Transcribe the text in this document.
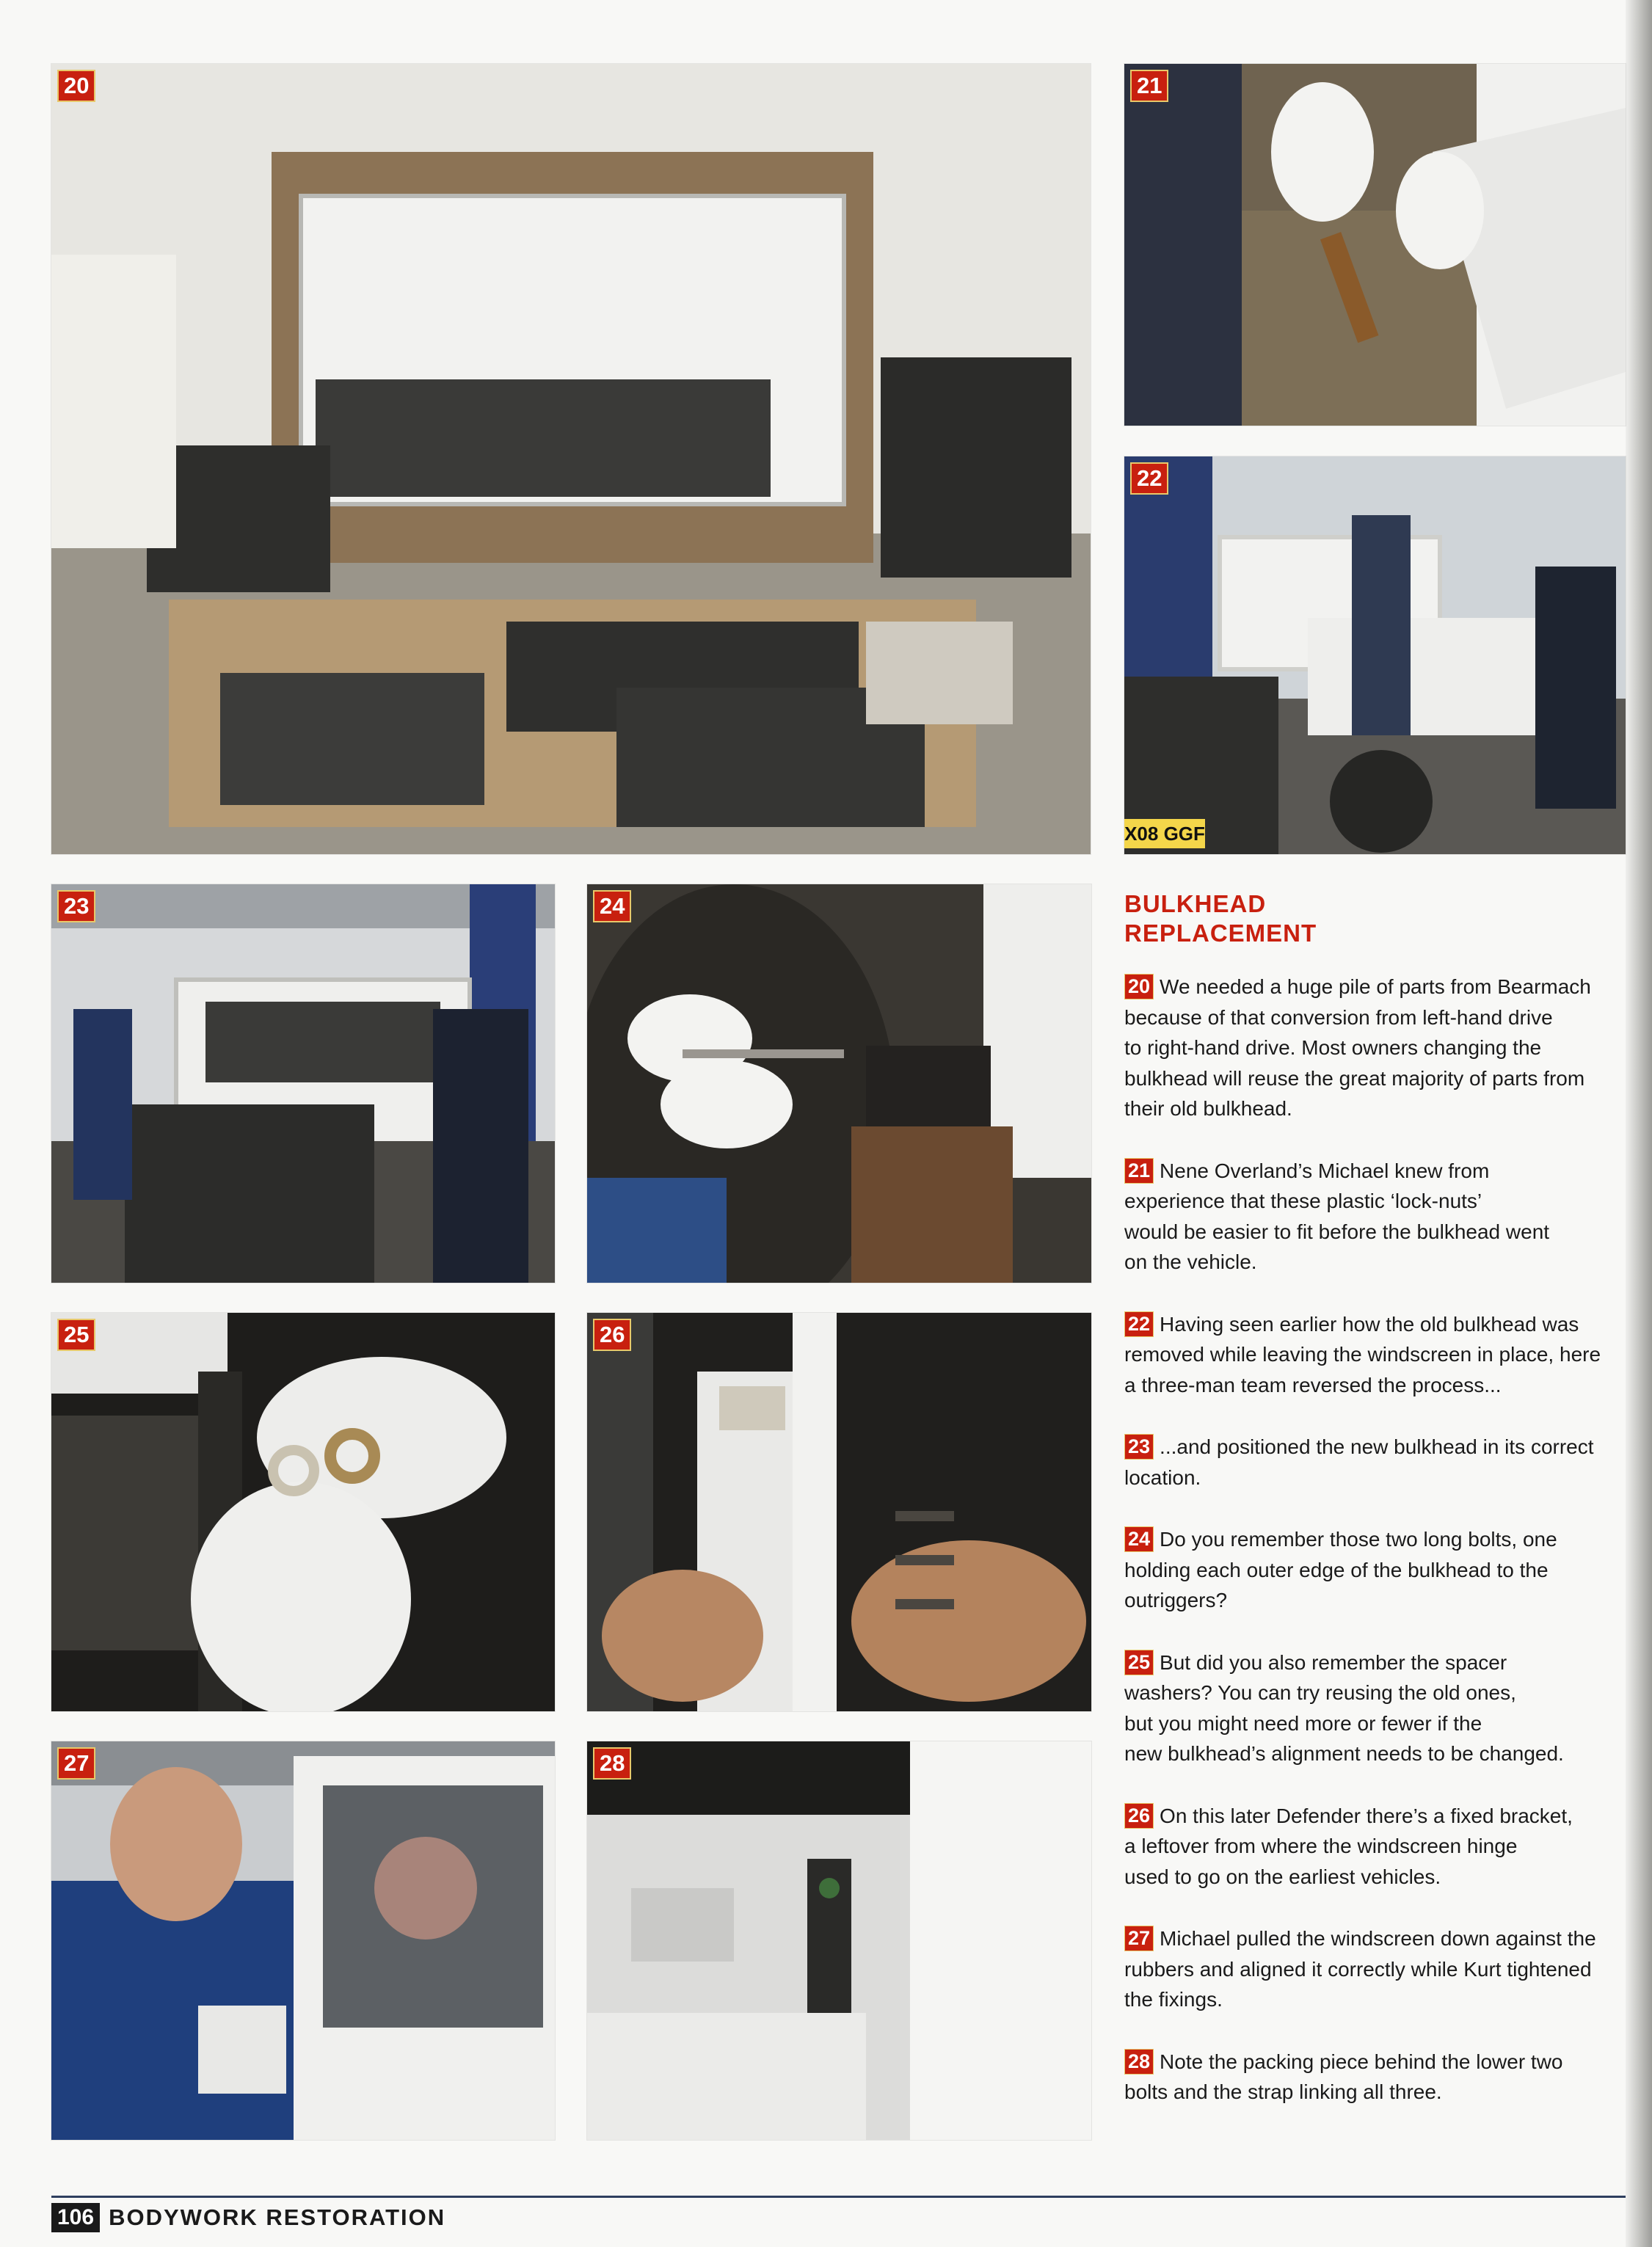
20	21
22
X08 GGF
23	24
25	26
27	28
BULKHEAD
REPLACEMENT

20 We needed a huge pile of parts from Bearmach
because of that conversion from left-hand drive
to right-hand drive. Most owners changing the
bulkhead will reuse the great majority of parts from
their old bulkhead.

21 Nene Overland’s Michael knew from
experience that these plastic ‘lock-nuts’
would be easier to fit before the bulkhead went
on the vehicle.

22 Having seen earlier how the old bulkhead was
removed while leaving the windscreen in place, here
a three-man team reversed the process...

23 ...and positioned the new bulkhead in its correct
location.

24 Do you remember those two long bolts, one
holding each outer edge of the bulkhead to the
outriggers?

25 But did you also remember the spacer
washers? You can try reusing the old ones,
but you might need more or fewer if the
new bulkhead’s alignment needs to be changed.

26 On this later Defender there’s a fixed bracket,
a leftover from where the windscreen hinge
used to go on the earliest vehicles.

27 Michael pulled the windscreen down against the
rubbers and aligned it correctly while Kurt tightened
the fixings.

28 Note the packing piece behind the lower two
bolts and the strap linking all three.

106 BODYWORK RESTORATION
